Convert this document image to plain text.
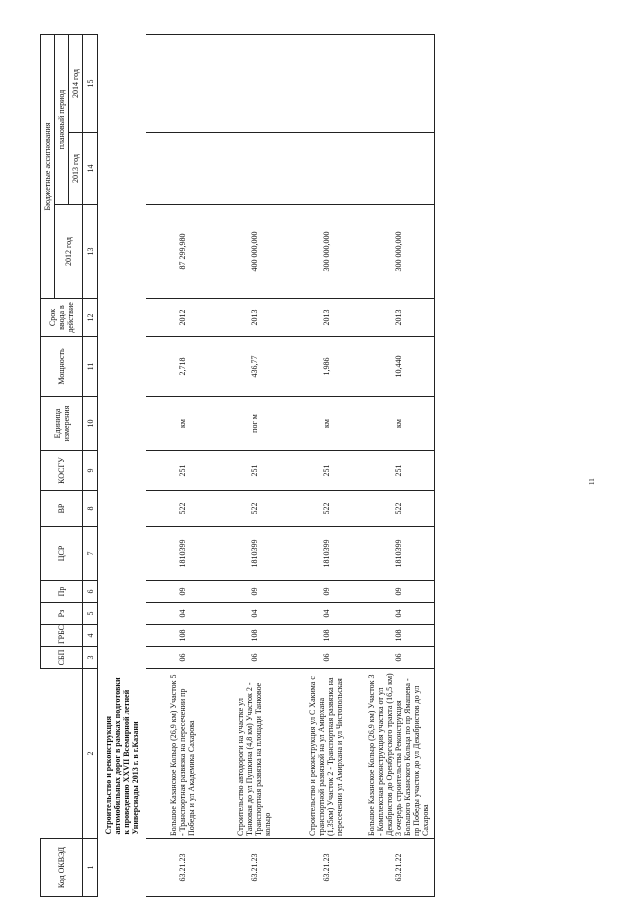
Код ОКВЭД		СБП	ГРБС	Рз	Пр	ЦСР	ВР	КОСГУ	Единица измерения	Мощность	Срок ввода в действие	Бюджетные ассигнования		
												2012 год	плановый период	
													2013 год	2014 год
1	2	3	4	5	6	7	8	9	10	11	12	13	14	15
	Строительство и реконструкция автомобильных дорог в рамках подготовки к проведению XXVII Всемирной летней Универсиады 2013 г. в г.Казани													
63.21.23	Большое Казанское Кольцо (26,9 км) Участок 5 - Транспортная развязка на пересечении пр Победы и ул Академика Сахарова	06	108	04	09	1810399	522	251	км	2,718	2012	87 299,980		
63.21.23	Строительство автодороги на участке ул Танковая до ул Пушкина (4,8 км) Участок 2 - Транспортная развязка на площади Танковое кольцо	06	108	04	09	1810399	522	251	пог м	436,77	2013	400 000,000		
63.21.23	Строительство и реконструкция ул С Хакима с транспортной развязкой на ул Амирхана (1,35км) Участок 2 - Транспортная развязка на пересечении ул Амирхана и ул Чистопольская	06	108	04	09	1810399	522	251	км	1,986	2013	300 000,000		
63.21.22	Большое Казанское Кольцо (26,9 км) Участок 3 - Комплексная реконструкция участка от ул Декабристов до Оренбургского тракта (16,5 км) 3 очередь строительства Реконструкция Большого Казанского Кольца по пр Ямашева - пр Победы участок до ул Декабристов до ул Сахарова	06	108	04	09	1810399	522	251	км	10,440	2013	300 000,000		
11
